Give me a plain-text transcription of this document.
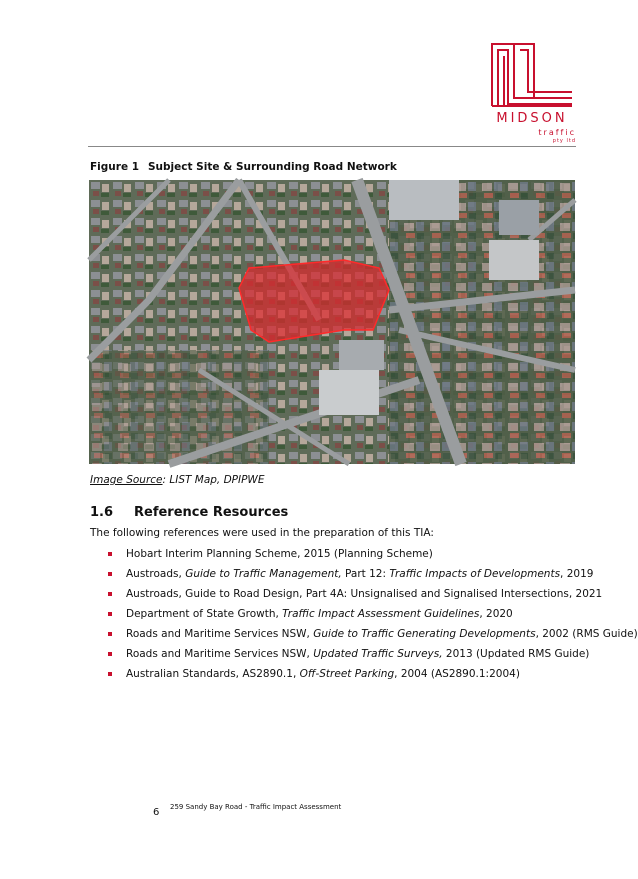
MIDSON
traffic
pty ltd
Figure 1 Subject Site & Surrounding Road Network
Image Source: LIST Map, DPIPWE
1.6 Reference Resources
The following references were used in the preparation of this TIA:
Hobart Interim Planning Scheme, 2015 (Planning Scheme)
Austroads, Guide to Traffic Management, Part 12: Traffic Impacts of Developments, 2019
Austroads, Guide to Road Design, Part 4A: Unsignalised and Signalised Intersections, 2021
Department of State Growth, Traffic Impact Assessment Guidelines, 2020
Roads and Maritime Services NSW, Guide to Traffic Generating Developments, 2002 (RMS Guide)
Roads and Maritime Services NSW, Updated Traffic Surveys, 2013 (Updated RMS Guide)
Australian Standards, AS2890.1, Off-Street Parking, 2004 (AS2890.1:2004)
6 259 Sandy Bay Road - Traffic Impact Assessment
